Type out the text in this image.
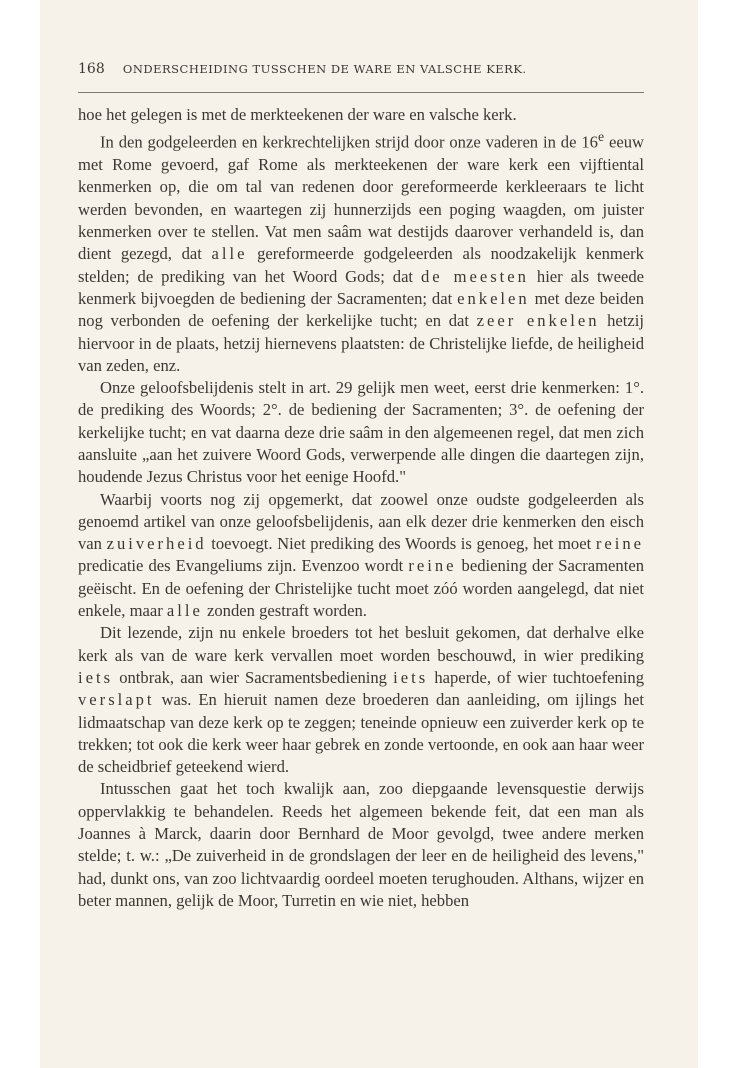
168 ONDERSCHEIDING TUSSCHEN DE WARE EN VALSCHE KERK.

hoe het gelegen is met de merkteekenen der ware en valsche kerk.

In den godgeleerden en kerkrechtelijken strijd door onze vaderen in de 16e eeuw met Rome gevoerd, gaf Rome als merkteekenen der ware kerk een vijftiental kenmerken op, die om tal van redenen door gereformeerde kerkleeraars te licht werden bevonden, en waartegen zij hunnerzijds een poging waagden, om juister kenmerken over te stellen. Vat men saâm wat destijds daarover verhandeld is, dan dient gezegd, dat alle gereformeerde godgeleerden als noodzakelijk kenmerk stelden; de prediking van het Woord Gods; dat de meesten hier als tweede kenmerk bijvoegden de bediening der Sacramenten; dat enkelen met deze beiden nog verbonden de oefening der kerkelijke tucht; en dat zeer enkelen hetzij hiervoor in de plaats, hetzij hiernevens plaatsten: de Christelijke liefde, de heiligheid van zeden, enz.

Onze geloofsbelijdenis stelt in art. 29 gelijk men weet, eerst drie kenmerken: 1°. de prediking des Woords; 2°. de bediening der Sacramenten; 3°. de oefening der kerkelijke tucht; en vat daarna deze drie saâm in den algemeenen regel, dat men zich aansluite „aan het zuivere Woord Gods, verwerpende alle dingen die daartegen zijn, houdende Jezus Christus voor het eenige Hoofd."

Waarbij voorts nog zij opgemerkt, dat zoowel onze oudste godgeleerden als genoemd artikel van onze geloofsbelijdenis, aan elk dezer drie kenmerken den eisch van zuiverheid toevoegt. Niet prediking des Woords is genoeg, het moet reine predicatie des Evangeliums zijn. Evenzoo wordt reine bediening der Sacramenten geëischt. En de oefening der Christelijke tucht moet zóó worden aangelegd, dat niet enkele, maar alle zonden gestraft worden.

Dit lezende, zijn nu enkele broeders tot het besluit gekomen, dat derhalve elke kerk als van de ware kerk vervallen moet worden beschouwd, in wier prediking iets ontbrak, aan wier Sacramentsbediening iets haperde, of wier tuchtoefening verslapt was. En hieruit namen deze broederen dan aanleiding, om ijlings het lidmaatschap van deze kerk op te zeggen; teneinde opnieuw een zuiverder kerk op te trekken; tot ook die kerk weer haar gebrek en zonde vertoonde, en ook aan haar weer de scheidbrief geteekend wierd.

Intusschen gaat het toch kwalijk aan, zoo diepgaande levensquestie derwijs oppervlakkig te behandelen. Reeds het algemeen bekende feit, dat een man als Joannes à Marck, daarin door Bernhard de Moor gevolgd, twee andere merken stelde; t. w.: „De zuiverheid in de grondslagen der leer en de heiligheid des levens," had, dunkt ons, van zoo lichtvaardig oordeel moeten terughouden. Althans, wijzer en beter mannen, gelijk de Moor, Turretin en wie niet, hebben
